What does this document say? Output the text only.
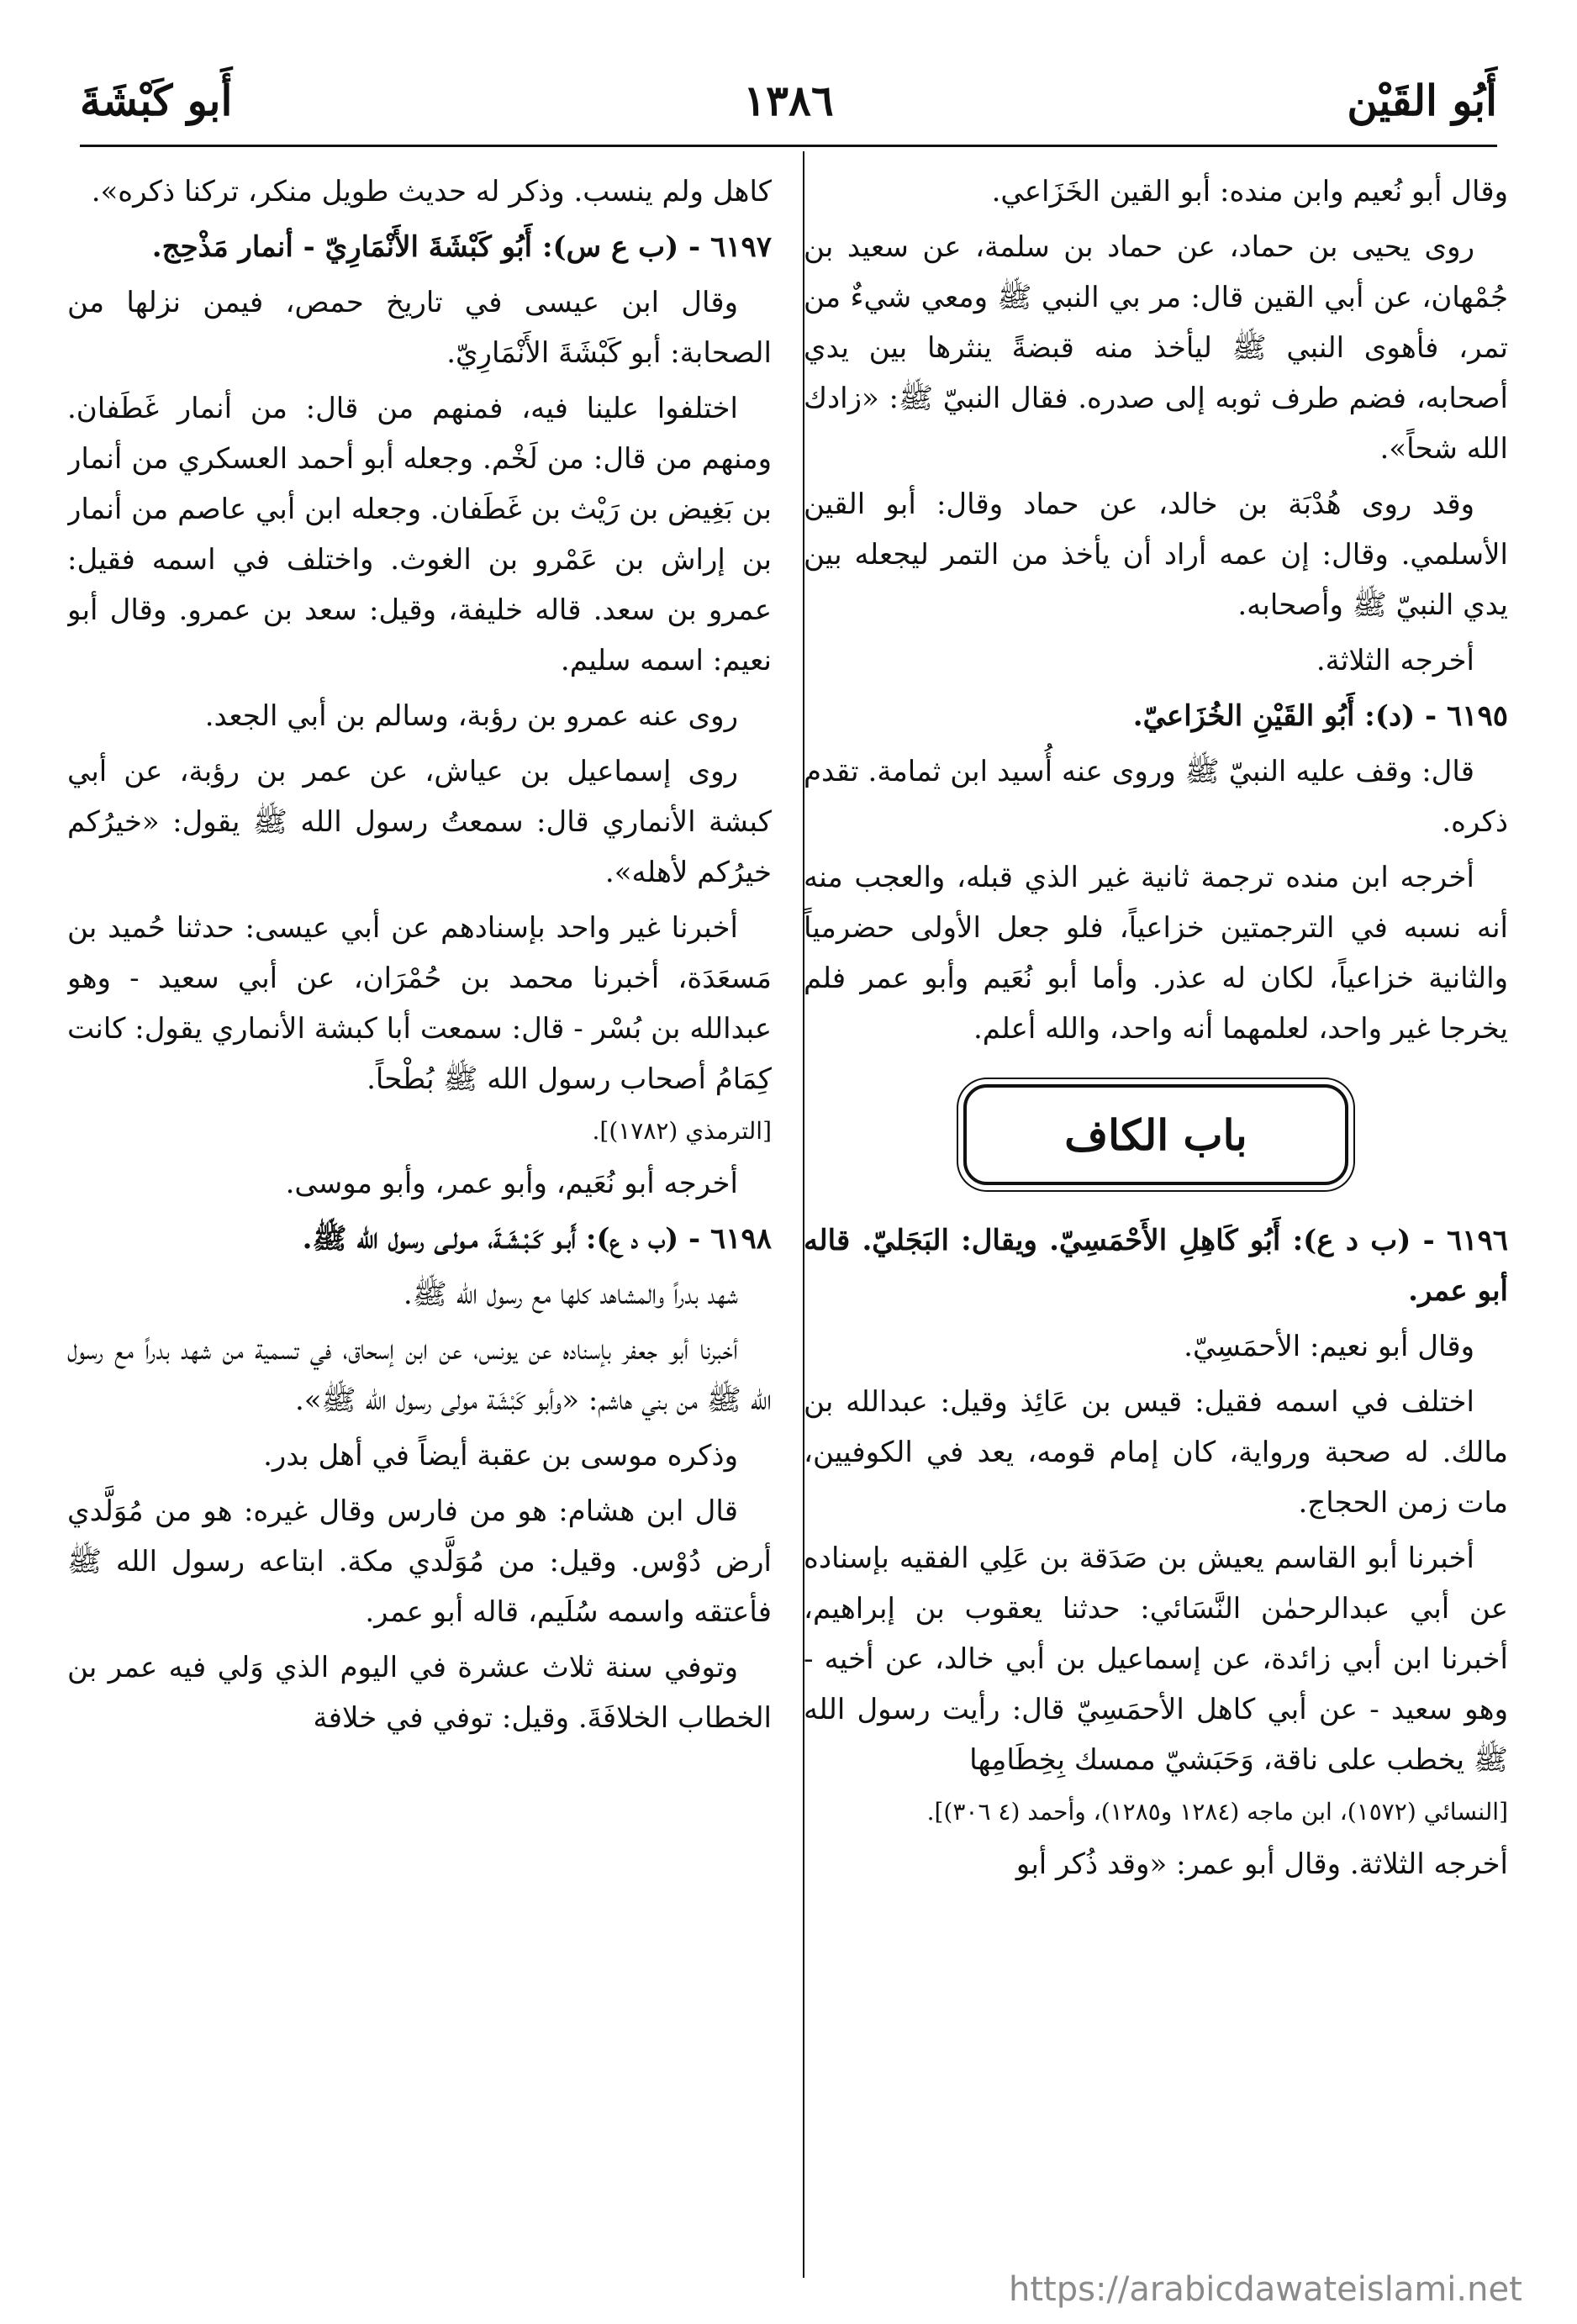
أَبُو القَيْن
١٣٨٦
أَبو كَبْشَةَ

وقال أبو نُعيم وابن منده: أبو القين الخَزَاعي.

روى يحيى بن حماد، عن حماد بن سلمة، عن سعيد بن جُمْهان، عن أبي القين قال: مر بي النبي ﷺ ومعي شيءٌ من تمر، فأهوى النبي ﷺ ليأخذ منه قبضةً ينثرها بين يدي أصحابه، فضم طرف ثوبه إلى صدره. فقال النبيّ ﷺ: «زادك الله شحاً».

وقد روى هُدْبَة بن خالد، عن حماد وقال: أبو القين الأسلمي. وقال: إن عمه أراد أن يأخذ من التمر ليجعله بين يدي النبيّ ﷺ وأصحابه.

أخرجه الثلاثة.

٦١٩٥ - (د): أَبُو القَيْنِ الخُزَاعيّ.

قال: وقف عليه النبيّ ﷺ وروى عنه أُسيد ابن ثمامة. تقدم ذكره.

أخرجه ابن منده ترجمة ثانية غير الذي قبله، والعجب منه أنه نسبه في الترجمتين خزاعياً، فلو جعل الأولى حضرمياً والثانية خزاعياً، لكان له عذر. وأما أبو نُعَيم وأبو عمر فلم يخرجا غير واحد، لعلمهما أنه واحد، والله أعلم.

باب الكاف

٦١٩٦ - (ب د ع): أَبُو كَاهِلِ الأَحْمَسِيّ. ويقال: البَجَليّ. قاله أبو عمر.

وقال أبو نعيم: الأحمَسِيّ.

اختلف في اسمه فقيل: قيس بن عَائِذ وقيل: عبدالله بن مالك. له صحبة ورواية، كان إمام قومه، يعد في الكوفيين، مات زمن الحجاج.

أخبرنا أبو القاسم يعيش بن صَدَقة بن عَلِي الفقيه بإسناده عن أبي عبدالرحمٰن النَّسَائي: حدثنا يعقوب بن إبراهيم، أخبرنا ابن أبي زائدة، عن إسماعيل بن أبي خالد، عن أخيه - وهو سعيد - عن أبي كاهل الأحمَسِيّ قال: رأيت رسول الله ﷺ يخطب على ناقة، وَحَبَشيّ ممسك بِخِطَامِها

[النسائي (١٥٧٢)، ابن ماجه (١٢٨٤ و١٢٨٥)، وأحمد (٤ ٣٠٦)].

أخرجه الثلاثة. وقال أبو عمر: «وقد ذُكر أبو

كاهل ولم ينسب. وذكر له حديث طويل منكر، تركنا ذكره».

٦١٩٧ - (ب ع س): أَبُو كَبْشَةَ الأَنْمَارِيّ - أنمار مَذْحِج.

وقال ابن عيسى في تاريخ حمص، فيمن نزلها من الصحابة: أبو كَبْشَةَ الأَنْمَارِيّ.

اختلفوا علينا فيه، فمنهم من قال: من أنمار غَطَفان. ومنهم من قال: من لَخْم. وجعله أبو أحمد العسكري من أنمار بن بَغِيض بن رَيْث بن غَطَفان. وجعله ابن أبي عاصم من أنمار بن إراش بن عَمْرو بن الغوث. واختلف في اسمه فقيل: عمرو بن سعد. قاله خليفة، وقيل: سعد بن عمرو. وقال أبو نعيم: اسمه سليم.

روى عنه عمرو بن رؤبة، وسالم بن أبي الجعد.

روى إسماعيل بن عياش، عن عمر بن رؤبة، عن أبي كبشة الأنماري قال: سمعتُ رسول الله ﷺ يقول: «خيرُكم خيرُكم لأهله».

أخبرنا غير واحد بإسنادهم عن أبي عيسى: حدثنا حُميد بن مَسعَدَة، أخبرنا محمد بن حُمْرَان، عن أبي سعيد - وهو عبدالله بن بُسْر - قال: سمعت أبا كبشة الأنماري يقول: كانت كِمَامُ أصحاب رسول الله ﷺ بُطْحاً.

[الترمذي (١٧٨٢)].

أخرجه أبو نُعَيم، وأبو عمر، وأبو موسى.

٦١٩٨ - (ب د ع): أَبـو كَـبْـشَـةَ، مـولـى رسول الله ﷺ.

شهد بدراً والمشاهد كلها مع رسول الله ﷺ.

أخبرنا أبو جعفر بإسناده عن يونس، عن ابن إسحاق، في تسمية من شهد بدراً مع رسول الله ﷺ من بني هاشم: «وأبو كَبْشَة مولى رسول الله ﷺ».

وذكره موسى بن عقبة أيضاً في أهل بدر.

قال ابن هشام: هو من فارس وقال غيره: هو من مُوَلَّدي أرض دُوْس. وقيل: من مُوَلَّدي مكة. ابتاعه رسول الله ﷺ فأعتقه واسمه سُلَيم، قاله أبو عمر.

وتوفي سنة ثلاث عشرة في اليوم الذي وَلي فيه عمر بن الخطاب الخلافَةَ. وقيل: توفي في خلافة

https://arabicdawateislami.net
